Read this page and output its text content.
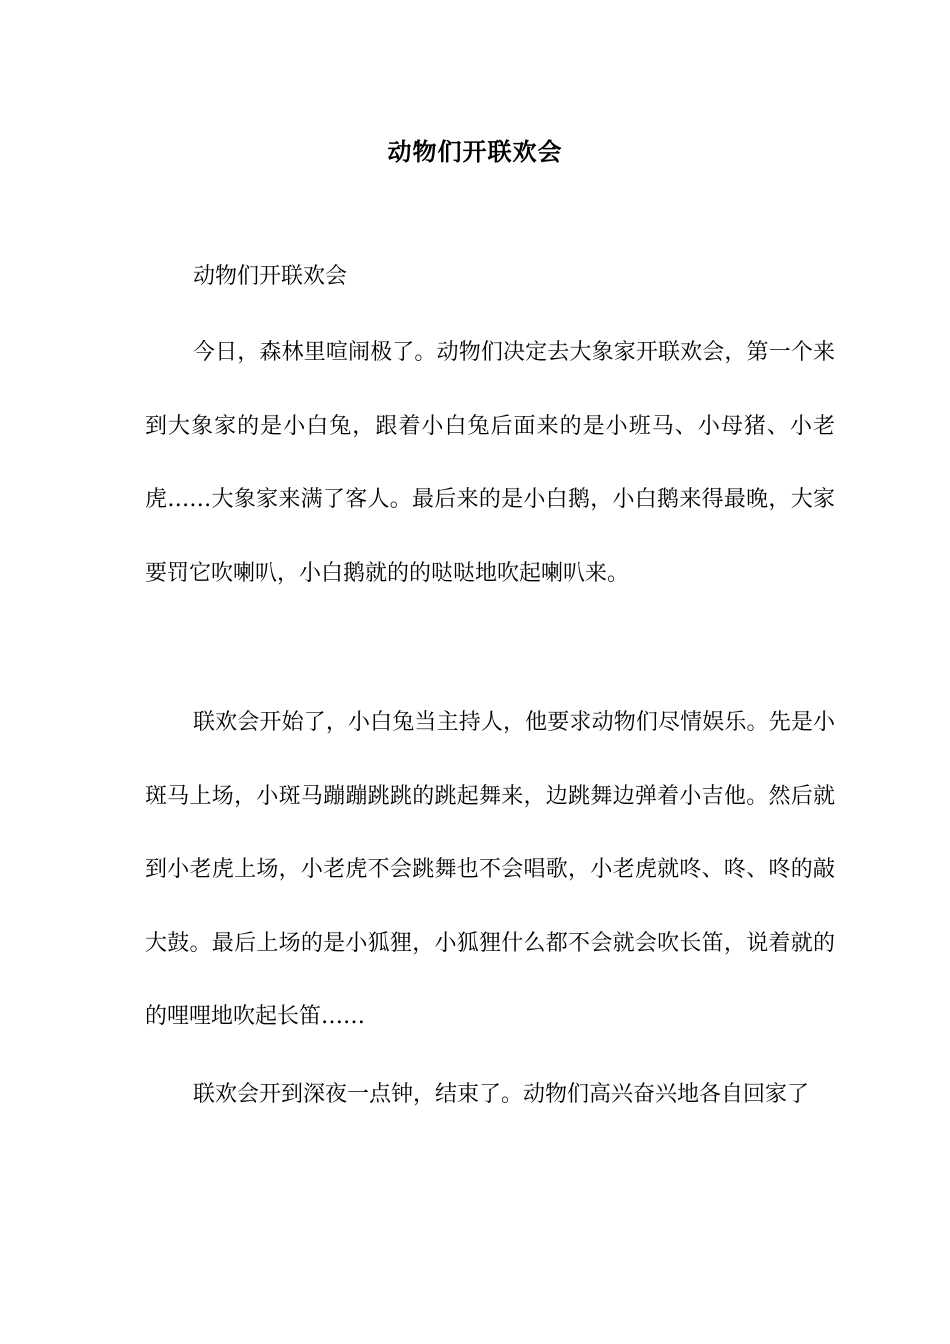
动物们开联欢会
动物们开联欢会

今日，森林里喧闹极了。动物们决定去大象家开联欢会，第一个来到大象家的是小白兔，跟着小白兔后面来的是小班马、小母猪、小老虎……大象家来满了客人。最后来的是小白鹅，小白鹅来得最晚，大家要罚它吹喇叭，小白鹅就的的哒哒地吹起喇叭来。

联欢会开始了，小白兔当主持人，他要求动物们尽情娱乐。先是小斑马上场，小斑马蹦蹦跳跳的跳起舞来，边跳舞边弹着小吉他。然后就到小老虎上场，小老虎不会跳舞也不会唱歌，小老虎就咚、咚、咚的敲大鼓。最后上场的是小狐狸，小狐狸什么都不会就会吹长笛，说着就的的哩哩地吹起长笛……

联欢会开到深夜一点钟，结束了。动物们高兴奋兴地各自回家了
